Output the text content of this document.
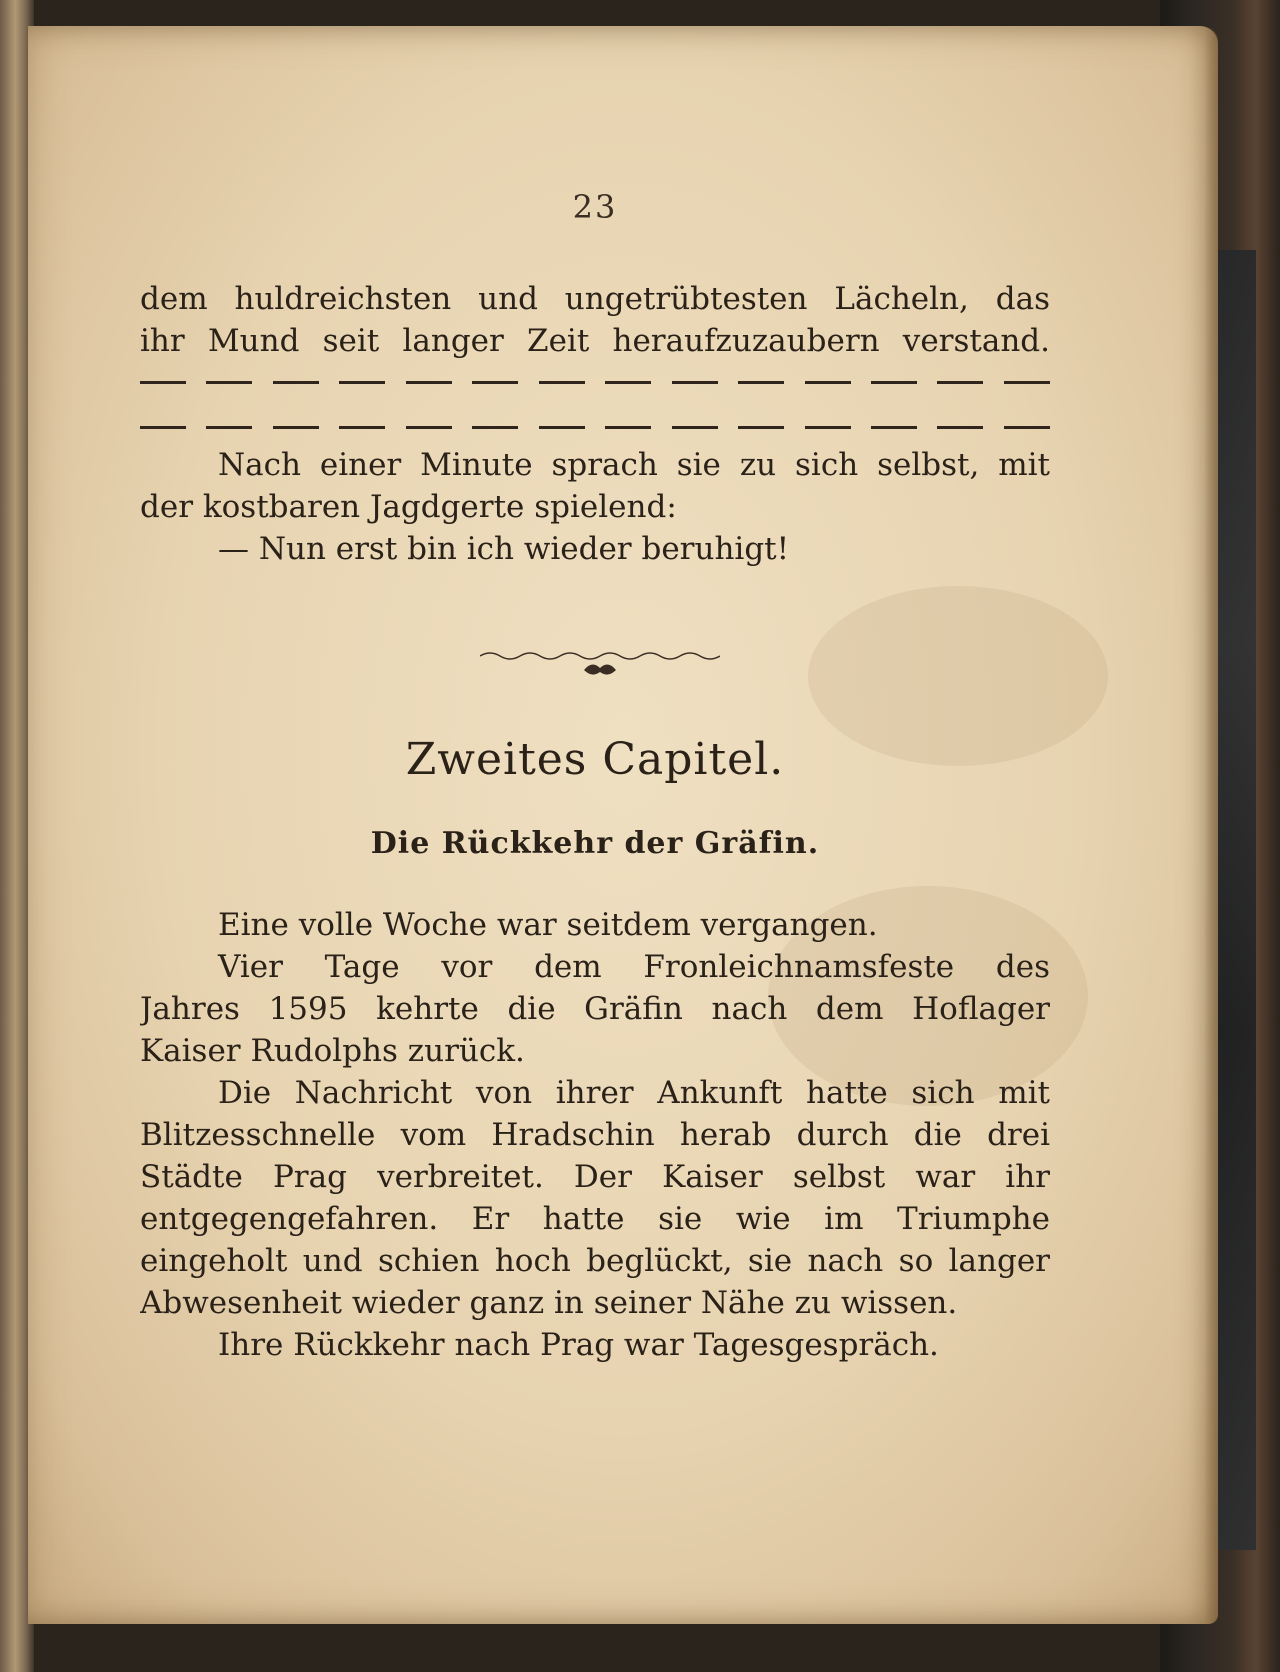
23
dem huldreichsten und ungetrübtesten Lächeln, das
ihr Mund seit langer Zeit heraufzuzaubern verstand.
Nach einer Minute sprach sie zu sich selbst, mit
der kostbaren Jagdgerte spielend:
— Nun erst bin ich wieder beruhigt!
Zweites Capitel.
Die Rückkehr der Gräfin.
Eine volle Woche war seitdem vergangen.
Vier Tage vor dem Fronleichnamsfeste des
Jahres 1595 kehrte die Gräfin nach dem Hoflager
Kaiser Rudolphs zurück.
Die Nachricht von ihrer Ankunft hatte sich mit
Blitzesschnelle vom Hradschin herab durch die drei
Städte Prag verbreitet. Der Kaiser selbst war ihr
entgegengefahren. Er hatte sie wie im Triumphe
eingeholt und schien hoch beglückt, sie nach so langer
Abwesenheit wieder ganz in seiner Nähe zu wissen.
Ihre Rückkehr nach Prag war Tagesgespräch.
